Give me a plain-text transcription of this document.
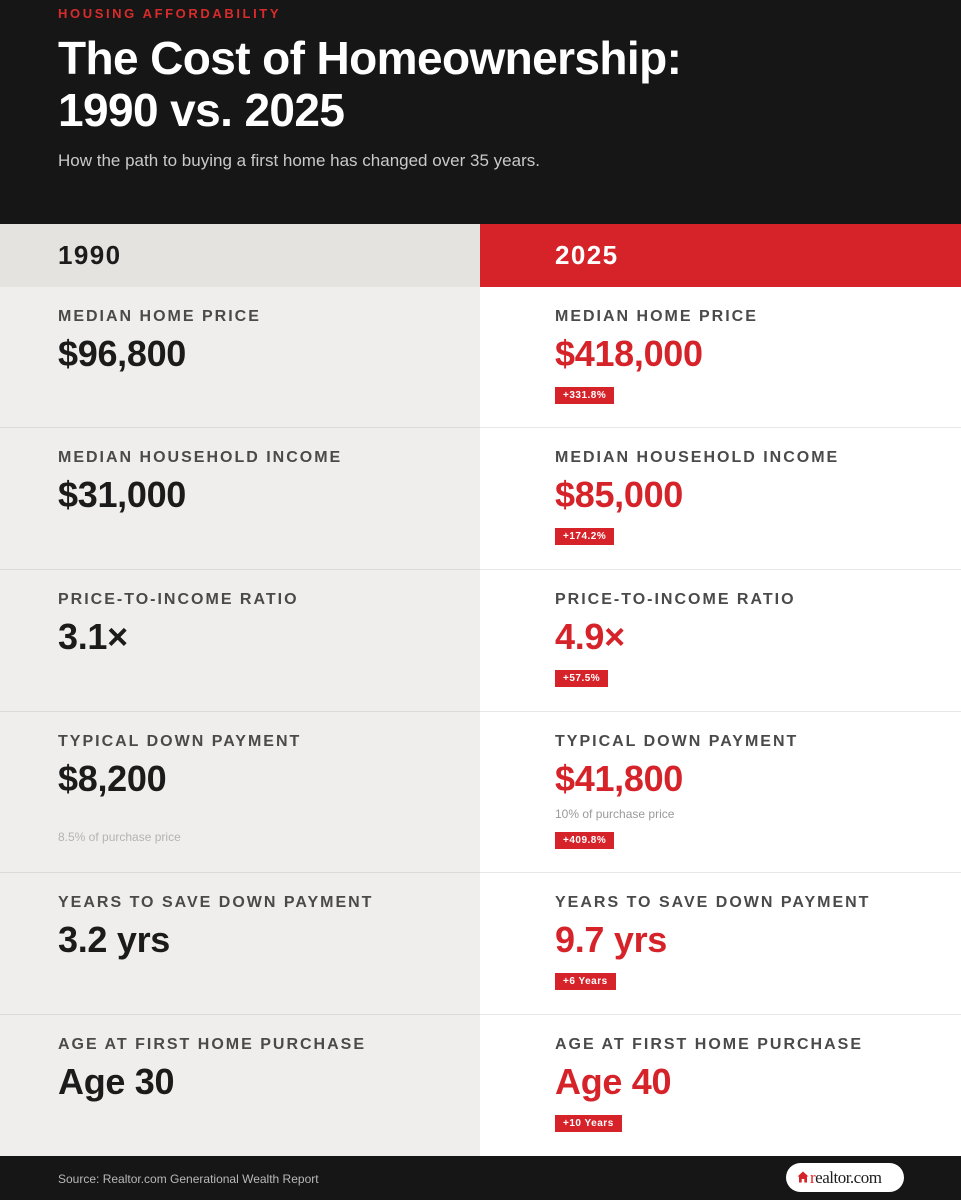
HOUSING AFFORDABILITY
The Cost of Homeownership:
1990 vs. 2025
How the path to buying a first home has changed over 35 years.
1990	2025
MEDIAN HOME PRICE
$96,800
MEDIAN HOUSEHOLD INCOME
$31,000
PRICE-TO-INCOME RATIO
3.1×
TYPICAL DOWN PAYMENT
$8,200
8.5% of purchase price
YEARS TO SAVE DOWN PAYMENT
3.2 yrs
AGE AT FIRST HOME PURCHASE
Age 30
MEDIAN HOME PRICE
$418,000
+331.8%
MEDIAN HOUSEHOLD INCOME
$85,000
+174.2%
PRICE-TO-INCOME RATIO
4.9×
+57.5%
TYPICAL DOWN PAYMENT
$41,800
10% of purchase price
+409.8%
YEARS TO SAVE DOWN PAYMENT
9.7 yrs
+6 Years
AGE AT FIRST HOME PURCHASE
Age 40
+10 Years
Source: Realtor.com Generational Wealth Report	realtor.com
